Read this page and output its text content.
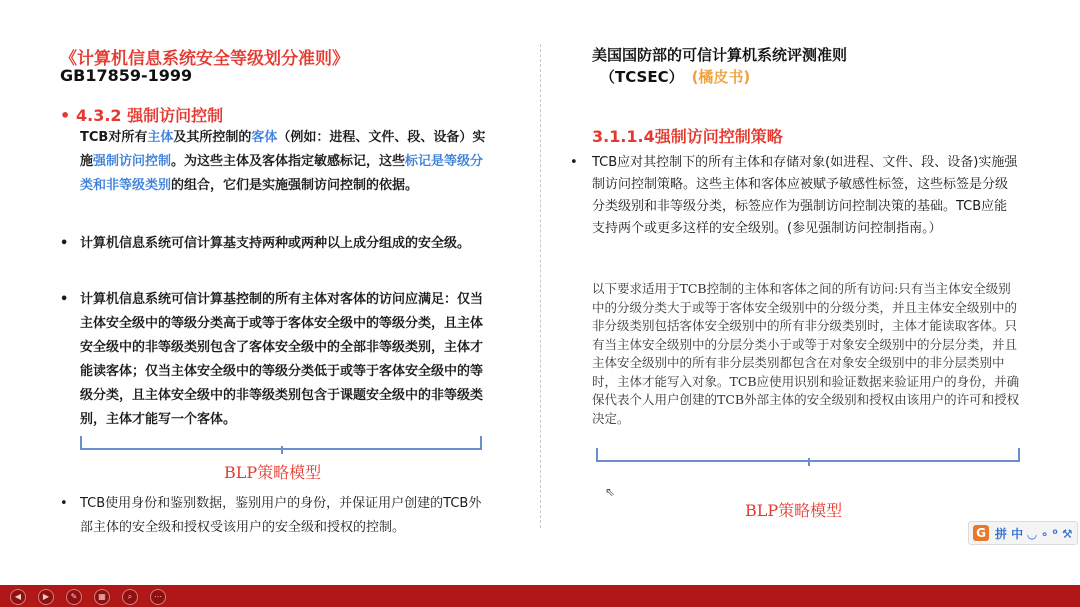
《计算机信息系统安全等级划分准则》
GB17859-1999
• 4.3.2 强制访问控制
TCB对所有主体及其所控制的客体（例如：进程、文件、段、设备）实施强制访问控制。为这些主体及客体指定敏感标记，这些标记是等级分类和非等级类别的组合，它们是实施强制访问控制的依据。
• 计算机信息系统可信计算基支持两种或两种以上成分组成的安全级。
• 计算机信息系统可信计算基控制的所有主体对客体的访问应满足：仅当主体安全级中的等级分类高于或等于客体安全级中的等级分类，且主体安全级中的非等级类别包含了客体安全级中的全部非等级类别，主体才能读客体；仅当主体安全级中的等级分类低于或等于客体安全级中的等级分类，且主体安全级中的非等级类别包含于课题安全级中的非等级类别，主体才能写一个客体。
BLP策略模型
• TCB使用身份和鉴别数据，鉴别用户的身份，并保证用户创建的TCB外部主体的安全级和授权受该用户的安全级和授权的控制。
美国国防部的可信计算机系统评测准则
（TCSEC） (橘皮书)
3.1.1.4强制访问控制策略
• TCB应对其控制下的所有主体和存储对象(如进程、文件、段、设备)实施强制访问控制策略。这些主体和客体应被赋予敏感性标签，这些标签是分级分类级别和非等级分类，标签应作为强制访问控制决策的基础。TCB应能支持两个或更多这样的安全级别。(参见强制访问控制指南。）
以下要求适用于TCB控制的主体和客体之间的所有访问:只有当主体安全级别中的分级分类大于或等于客体安全级别中的分级分类，并且主体安全级别中的非分级类别包括客体安全级别中的所有非分级类别时，主体才能读取客体。只有当主体安全级别中的分层分类小于或等于对象安全级别中的分层分类，并且主体安全级别中的所有非分层类别都包含在对象安全级别中的非分层类别中时，主体才能写入对象。TCB应使用识别和验证数据来验证用户的身份，并确保代表个人用户创建的TCB外部主体的安全级别和授权由该用户的许可和授权决定。
BLP策略模型
⇖
G 拼 中 ◡ ∘ ⁰ ⚒
◀	▶	✎	▦	⌕	⋯
